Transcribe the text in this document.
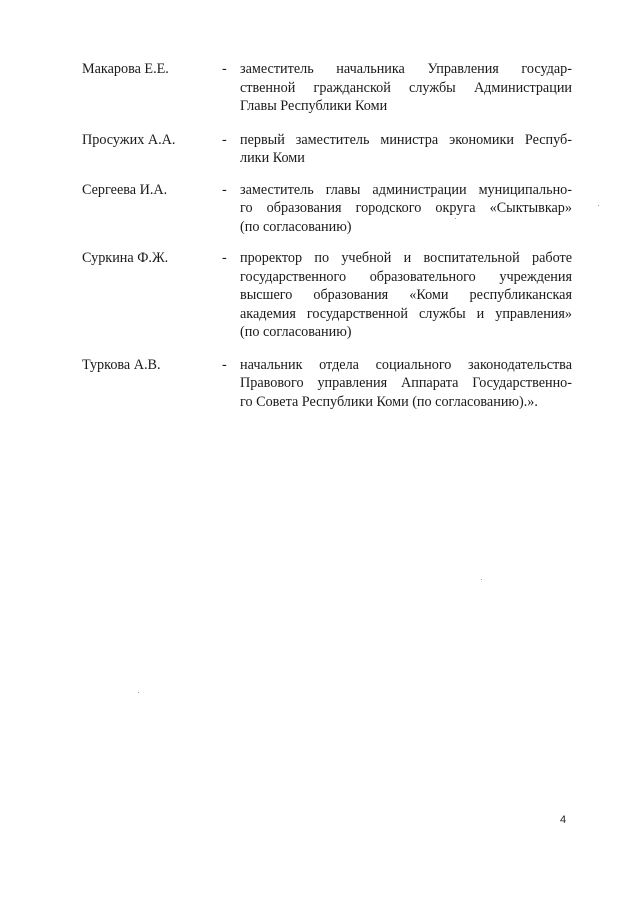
Макарова Е.Е.	- заместитель начальника Управления государ-
ственной гражданской службы Администрации
Главы Республики Коми
Просужих А.А.	- первый заместитель министра экономики Респуб-
лики Коми
Сергеева И.А.	- заместитель главы администрации муниципально-
го образования городского округа «Сыктывкар»
(по согласованию)
Суркина Ф.Ж.	- проректор по учебной и воспитательной работе
государственного образовательного учреждения
высшего образования «Коми республиканская
академия государственной службы и управления»
(по согласованию)
Туркова А.В.	- начальник отдела социального законодательства
Правового управления Аппарата Государственно-
го Совета Республики Коми (по согласованию).».
4
